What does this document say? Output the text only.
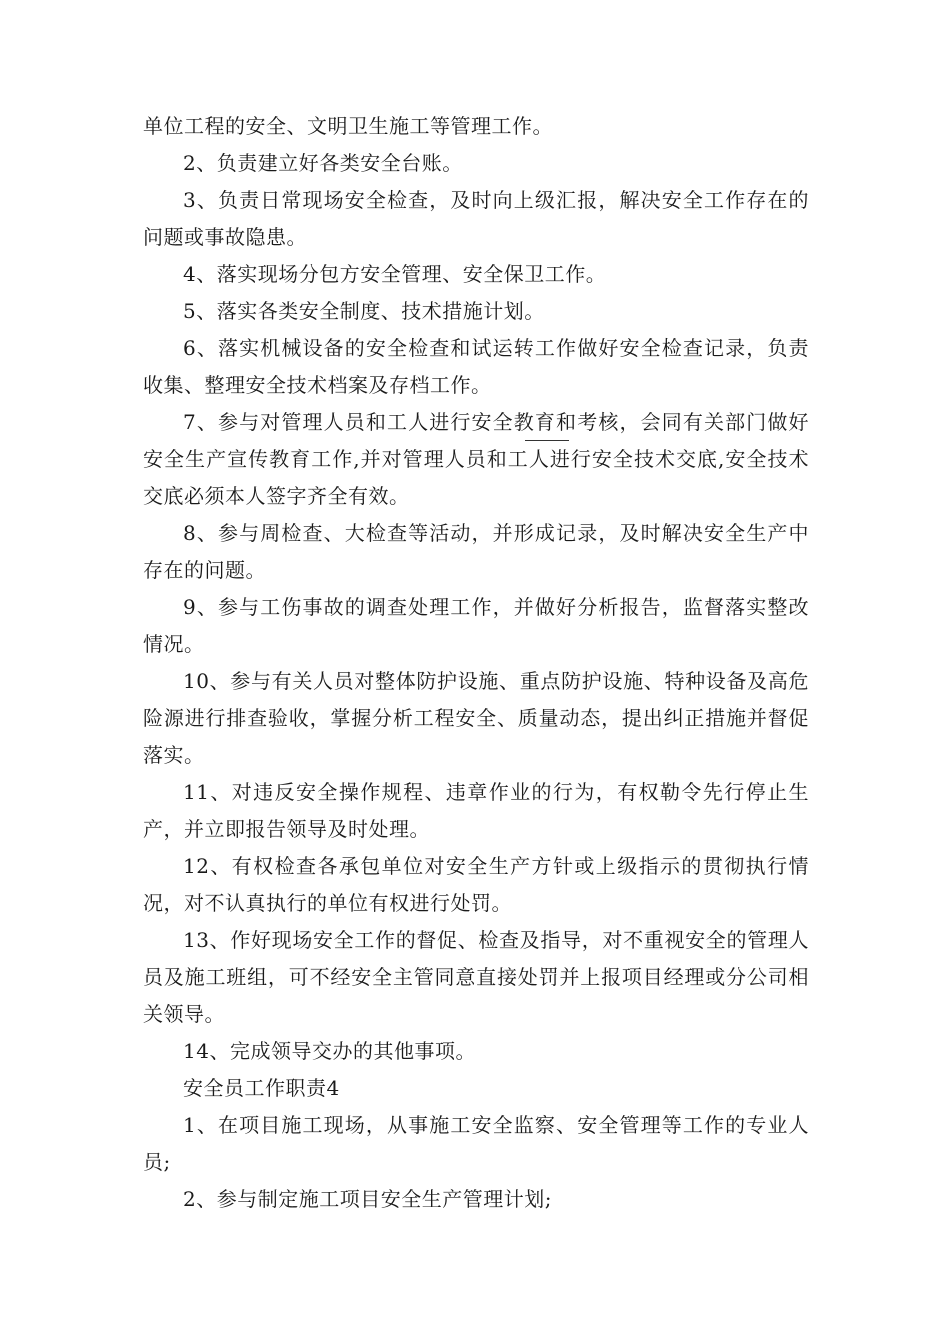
单位工程的安全、文明卫生施工等管理工作。

2、负责建立好各类安全台账。

3、负责日常现场安全检查，及时向上级汇报，解决安全工作存在的问题或事故隐患。

4、落实现场分包方安全管理、安全保卫工作。

5、落实各类安全制度、技术措施计划。

6、落实机械设备的安全检查和试运转工作做好安全检查记录，负责收集、整理安全技术档案及存档工作。

7、参与对管理人员和工人进行安全教育和考核，会同有关部门做好安全生产宣传教育工作,并对管理人员和工人进行安全技术交底,安全技术交底必须本人签字齐全有效。

8、参与周检查、大检查等活动，并形成记录，及时解决安全生产中存在的问题。

9、参与工伤事故的调查处理工作，并做好分析报告，监督落实整改情况。

10、参与有关人员对整体防护设施、重点防护设施、特种设备及高危险源进行排查验收，掌握分析工程安全、质量动态，提出纠正措施并督促落实。

11、对违反安全操作规程、违章作业的行为，有权勒令先行停止生产，并立即报告领导及时处理。

12、有权检查各承包单位对安全生产方针或上级指示的贯彻执行情况，对不认真执行的单位有权进行处罚。

13、作好现场安全工作的督促、检查及指导，对不重视安全的管理人员及施工班组，可不经安全主管同意直接处罚并上报项目经理或分公司相关领导。

14、完成领导交办的其他事项。

安全员工作职责4

1、在项目施工现场，从事施工安全监察、安全管理等工作的专业人员;

2、参与制定施工项目安全生产管理计划;
